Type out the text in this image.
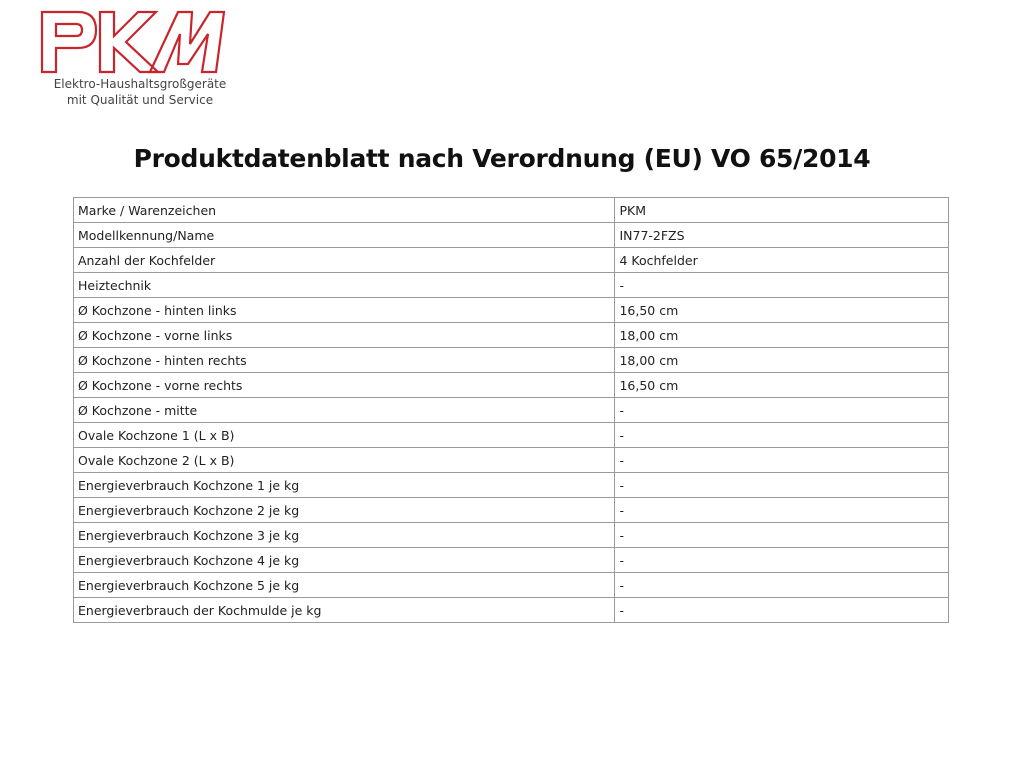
Elektro-Haushaltsgroßgeräte
mit Qualität und Service
Produktdatenblatt nach Verordnung (EU) VO 65/2014
Marke / Warenzeichen	PKM
Modellkennung/Name	IN77-2FZS
Anzahl der Kochfelder	4 Kochfelder
Heiztechnik	-
Ø Kochzone - hinten links	16,50 cm
Ø Kochzone - vorne links	18,00 cm
Ø Kochzone - hinten rechts	18,00 cm
Ø Kochzone - vorne rechts	16,50 cm
Ø Kochzone - mitte	-
Ovale Kochzone 1 (L x B)	-
Ovale Kochzone 2 (L x B)	-
Energieverbrauch Kochzone 1 je kg	-
Energieverbrauch Kochzone 2 je kg	-
Energieverbrauch Kochzone 3 je kg	-
Energieverbrauch Kochzone 4 je kg	-
Energieverbrauch Kochzone 5 je kg	-
Energieverbrauch der Kochmulde je kg	-
